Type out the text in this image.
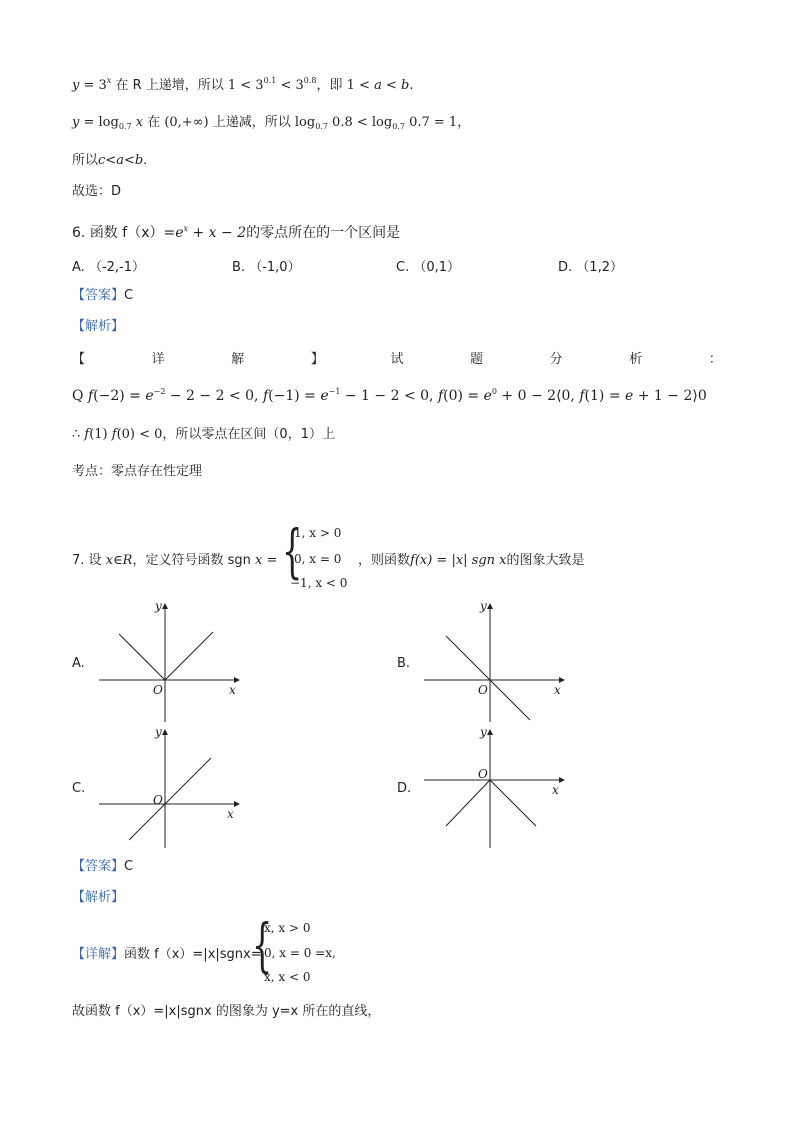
$y = 3^x$ 在 R 上递增，所以 $1 < 3^{0.1} < 3^{0.8}$，即 1 < a < b.
$y = \log_{0.7} x$ 在 (0,+∞) 上递减，所以 $\log_{0.7} 0.8 < \log_{0.7} 0.7 = 1$，
所以c<a<b.
故选：D
6. 函数 $f(x)=e^x + x - 2$的零点所在的一个区间是
A. （-2,-1）	B. （-1,0）	C. （0,1）	D. （1,2）
【答案】C
【解析】
【	详	解	】	试	题	分	析	：
Q $f(-2) = e^{-2} - 2 - 2 < 0$, $f(-1) = e^{-1} - 1 - 2 < 0$, $f(0) = e^0 + 0$ − 2⟨0, f(1) = e + 1 − 2⟩0
∴ f(1) f(0) < 0，所以零点在区间（0，1）上
考点：零点存在性定理
7. 设 x∈R，定义符号函数 sgn x = {
1, x > 0
0, x = 0
−1, x < 0
，则函数f(x) = |x| sgn x的图象大致是
A.	B.
C.	D.
O	x
y
O	x
y
O
x
y
O
x
y
【答案】C
【解析】
【详解】函数 f（x）=|x|sgnx=
{
x, x > 0
0, x = 0 =x,
x, x < 0
故函数 f（x）=|x|sgnx 的图象为 y=x 所在的直线，
